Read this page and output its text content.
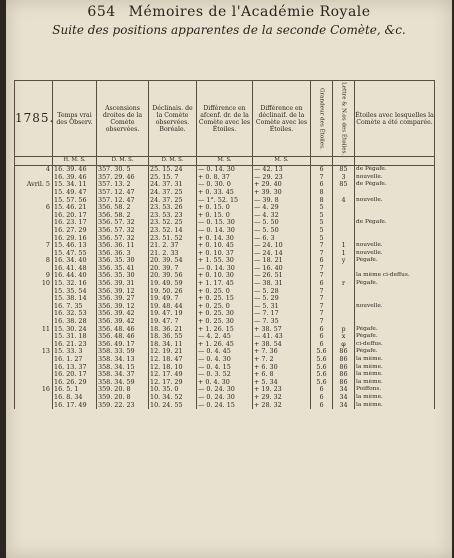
654 Mémoires de l'Académie Royale
Suite des positions apparentes de la seconde Comète, &c.
1785.	Temps vrai des Observ.	Ascensions droites de la Comète observées.	Déclinais. de la Comète observées. Boréale.	Différence en afcenf. dr. de la Comète avec les Étoiles.	Différence en déclinaif. de la Comète avec les Étoiles.	Grandeur des Étoiles.	Lettre & N.os des Étoiles.	Étoiles avec lesquelles la Comète a été comparée.
	H. M. S.	D. M. S.	D. M. S.	M. S.	M. S.			
4	16. 39. 46	357. 30. 5	25. 15. 24	— 0. 14. 30	— 42. 13	6	85	de Pégafe.
	16. 39. 46	357. 29. 46	25. 15. 7	+ 0. 8. 37	— 29. 23	7	3	nouvelle.
Avril. 5	15. 34. 11	357. 13. 2	24. 37. 31	— 0. 30. 0	+ 29. 40	6	85	de Pégafe.
	15. 49. 47	357. 12. 47	24. 37. 25	+ 0. 33. 45	+ 39. 30	8		
	15. 57. 56	357. 12. 47	24. 37. 25	— 1°. 52. 15	— 39. 8	8	4	nouvelle.
6	15. 46. 21	356. 58. 2	23. 53. 26	+ 0. 15. 0	— 4. 29	5		
	16. 20. 17	356. 58. 2	23. 53. 23	+ 0. 15. 0	— 4. 32	5		
	16. 23. 17	356. 57. 32	23. 52. 25	— 0. 15. 30	— 5. 50	5		de Pégafe.
	16. 27. 29	356. 57. 32	23. 52. 14	— 0. 14. 30	— 5. 50	5		
	16. 29. 16	356. 57. 32	23. 51. 52	+ 0. 14. 30	— 6. 3	5		
7	15. 46. 13	356. 36. 11	21. 2. 37	+ 0. 10. 45	— 24. 10	7	1	nouvelle.
	15. 47. 55	356. 36. 3	21. 2. 33	+ 0. 10. 37	— 24. 14	7	1	nouvelle.
8	16. 34. 40	356. 35. 30	20. 39. 54	+ 1. 55. 30	— 18. 21	6	y	Pégafe.
	16. 41. 48	356. 35. 41	20. 39. 7	— 0. 14. 30	— 16. 40	7		
9	16. 44. 40	356. 35. 30	20. 39. 56	+ 0. 10. 30	— 26. 51	7		la même ci-deffus.
10	15. 32. 16	356. 39. 31	19. 49. 59	+ 1. 17. 45	— 38. 31	6	r	Pégafe.
	15. 35. 54	356. 39. 12	19. 50. 26	+ 0. 25. 0	— 5. 28	7		
	15. 38. 14	356. 39. 27	19. 49. 7	+ 0. 25. 15	— 5. 29	7		
	16. 7. 35	356. 39. 12	19. 48. 44	+ 0. 25. 0	— 5. 31	7		nouvelle.
	16. 32. 53	356. 39. 42	19. 47. 19	+ 0. 25. 30	— 7. 17	7		
	16. 38. 28	356. 39. 42	19. 47. 7	+ 0. 25. 30	— 7. 35	7		
11	15. 30. 24	356. 48. 46	18. 36. 21	+ 1. 26. 15	+ 38. 57	6	p	Pégafe.
	15. 31. 18	356. 48. 46	18. 36. 55	— 4. 2. 45	— 41. 43	6	x	Pégafe.
	16. 21. 23	356. 49. 17	18. 34. 11	+ 1. 26. 45	+ 38. 54	6	φ	ci-deffus.
13	15. 33. 3	358. 33. 59	12. 19. 21	— 0. 4. 45	+ 7. 36	5.6	86	Pégafe.
	16. 1. 27	358. 34. 13	12. 18. 47	— 0. 4. 30	+ 7. 2	5.6	86	la même.
	16. 13. 37	358. 34. 15	12. 18. 10	— 0. 4. 15	+ 6. 30	5.6	86	la même.
	16. 20. 17	358. 34. 37	12. 17. 49	— 0. 3. 52	+ 6. 8	5.6	86	la même.
	16. 26. 29	358. 34. 59	12. 17. 29	+ 0. 4. 30	+ 5. 34	5.6	86	la même.
16	16. 5. 1	359. 20. 8	10. 35. 0	— 0. 24. 30	+ 19. 23	6	34	Poiffons.
	16. 8. 34	359. 20. 8	10. 34. 52	— 0. 24. 30	+ 29. 32	6	34	la même.
	16. 17. 49	359. 22. 23	10. 24. 55	— 0. 24. 15	+ 28. 32	6	34	la même.
